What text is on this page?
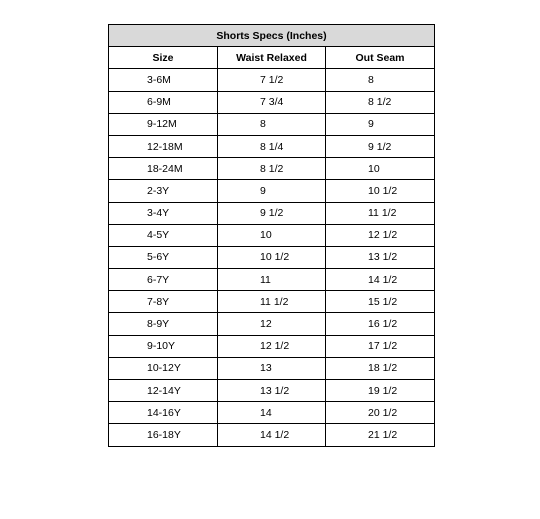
Shorts Specs (Inches)		
Size	Waist Relaxed	Out Seam
3-6M	7 1/2	8
6-9M	7 3/4	8 1/2
9-12M	8	9
12-18M	8 1/4	9 1/2
18-24M	8 1/2	10
2-3Y	9	10 1/2
3-4Y	9 1/2	11 1/2
4-5Y	10	12 1/2
5-6Y	10 1/2	13 1/2
6-7Y	11	14 1/2
7-8Y	11 1/2	15 1/2
8-9Y	12	16 1/2
9-10Y	12 1/2	17 1/2
10-12Y	13	18 1/2
12-14Y	13 1/2	19 1/2
14-16Y	14	20 1/2
16-18Y	14 1/2	21 1/2
